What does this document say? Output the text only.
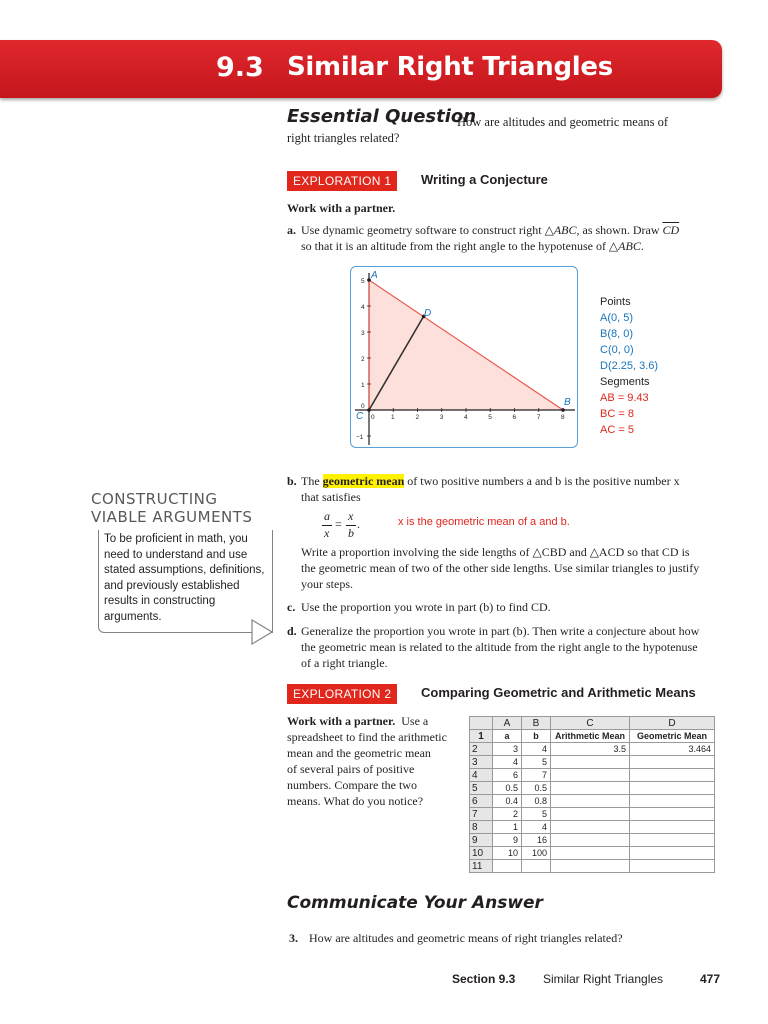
9.3 Similar Right Triangles
Essential Question
How are altitudes and geometric means of
right triangles related?
EXPLORATION 1	Writing a Conjecture
Work with a partner.
a. Use dynamic geometry software to construct right △ABC, as shown. Draw $\overline{CD}$
so that it is an altitude from the right angle to the hypotenuse of △ABC.
0	1	2	3	4	5	6	7	8
5
4
3
2
1
0
−1
A
B
C
D
Points
A(0, 5)
B(8, 0)
C(0, 0)
D(2.25, 3.6)
Segments
AB = 9.43
BC = 8
AC = 5
b. The geometric mean of two positive numbers a and b is the positive number x
that satisfies
a
x
=
x
b
.	x is the geometric mean of a and b.
Write a proportion involving the side lengths of △CBD and △ACD so that CD is
the geometric mean of two of the other side lengths. Use similar triangles to justify
your steps.
c. Use the proportion you wrote in part (b) to find CD.
d. Generalize the proportion you wrote in part (b). Then write a conjecture about how
the geometric mean is related to the altitude from the right angle to the hypotenuse
of a right triangle.
CONSTRUCTING
VIABLE ARGUMENTS
To be proficient in math, you need to understand and use stated assumptions, definitions, and previously established results in constructing arguments.
EXPLORATION 2	Comparing Geometric and Arithmetic Means
Work with a partner. Use a
spreadsheet to find the arithmetic
mean and the geometric mean
of several pairs of positive
numbers. Compare the two
means. What do you notice?
	A	B	C	D
1	a	b	Arithmetic Mean	Geometric Mean
2	3	4	3.5	3.464
3	4	5		
4	6	7		
5	0.5	0.5		
6	0.4	0.8		
7	2	5		
8	1	4		
9	9	16		
10	10	100		
11				
Communicate Your Answer
3. How are altitudes and geometric means of right triangles related?
Section 9.3 Similar Right Triangles	477
